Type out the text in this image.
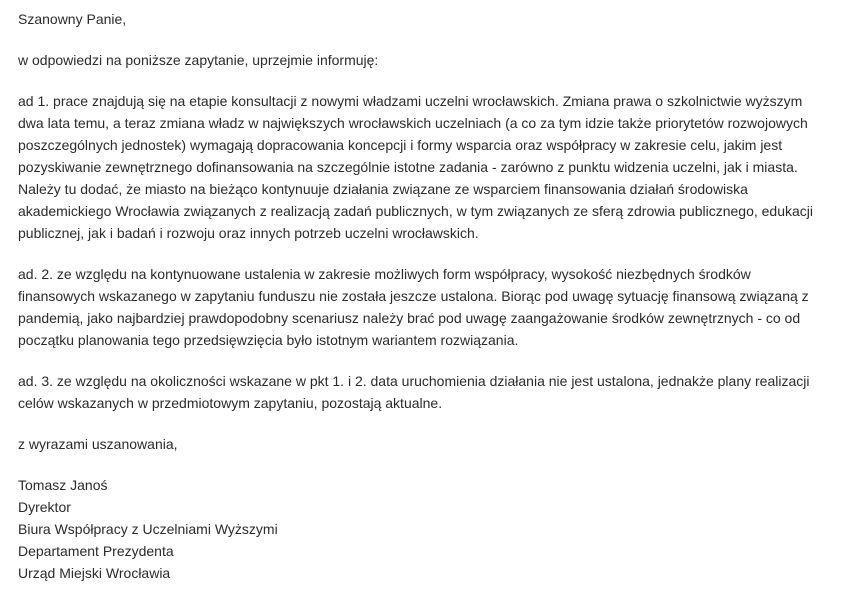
Szanowny Panie,
w odpowiedzi na poniższe zapytanie, uprzejmie informuję:
ad 1. prace znajdują się na etapie konsultacji z nowymi władzami uczelni wrocławskich. Zmiana prawa o szkolnictwie wyższym
dwa lata temu, a teraz zmiana władz w największych wrocławskich uczelniach (a co za tym idzie także priorytetów rozwojowych
poszczególnych jednostek) wymagają dopracowania koncepcji i formy wsparcia oraz współpracy w zakresie celu, jakim jest
pozyskiwanie zewnętrznego dofinansowania na szczególnie istotne zadania - zarówno z punktu widzenia uczelni, jak i miasta.
Należy tu dodać, że miasto na bieżąco kontynuuje działania związane ze wsparciem finansowania działań środowiska
akademickiego Wrocławia związanych z realizacją zadań publicznych, w tym związanych ze sferą zdrowia publicznego, edukacji
publicznej, jak i badań i rozwoju oraz innych potrzeb uczelni wrocławskich.
ad. 2. ze względu na kontynuowane ustalenia w zakresie możliwych form współpracy, wysokość niezbędnych środków
finansowych wskazanego w zapytaniu funduszu nie została jeszcze ustalona. Biorąc pod uwagę sytuację finansową związaną z
pandemią, jako najbardziej prawdopodobny scenariusz należy brać pod uwagę zaangażowanie środków zewnętrznych - co od
początku planowania tego przedsięwzięcia było istotnym wariantem rozwiązania.
ad. 3. ze względu na okoliczności wskazane w pkt 1. i 2. data uruchomienia działania nie jest ustalona, jednakże plany realizacji
celów wskazanych w przedmiotowym zapytaniu, pozostają aktualne.
z wyrazami uszanowania,
Tomasz Janoś
Dyrektor
Biura Współpracy z Uczelniami Wyższymi
Departament Prezydenta
Urząd Miejski Wrocławia
